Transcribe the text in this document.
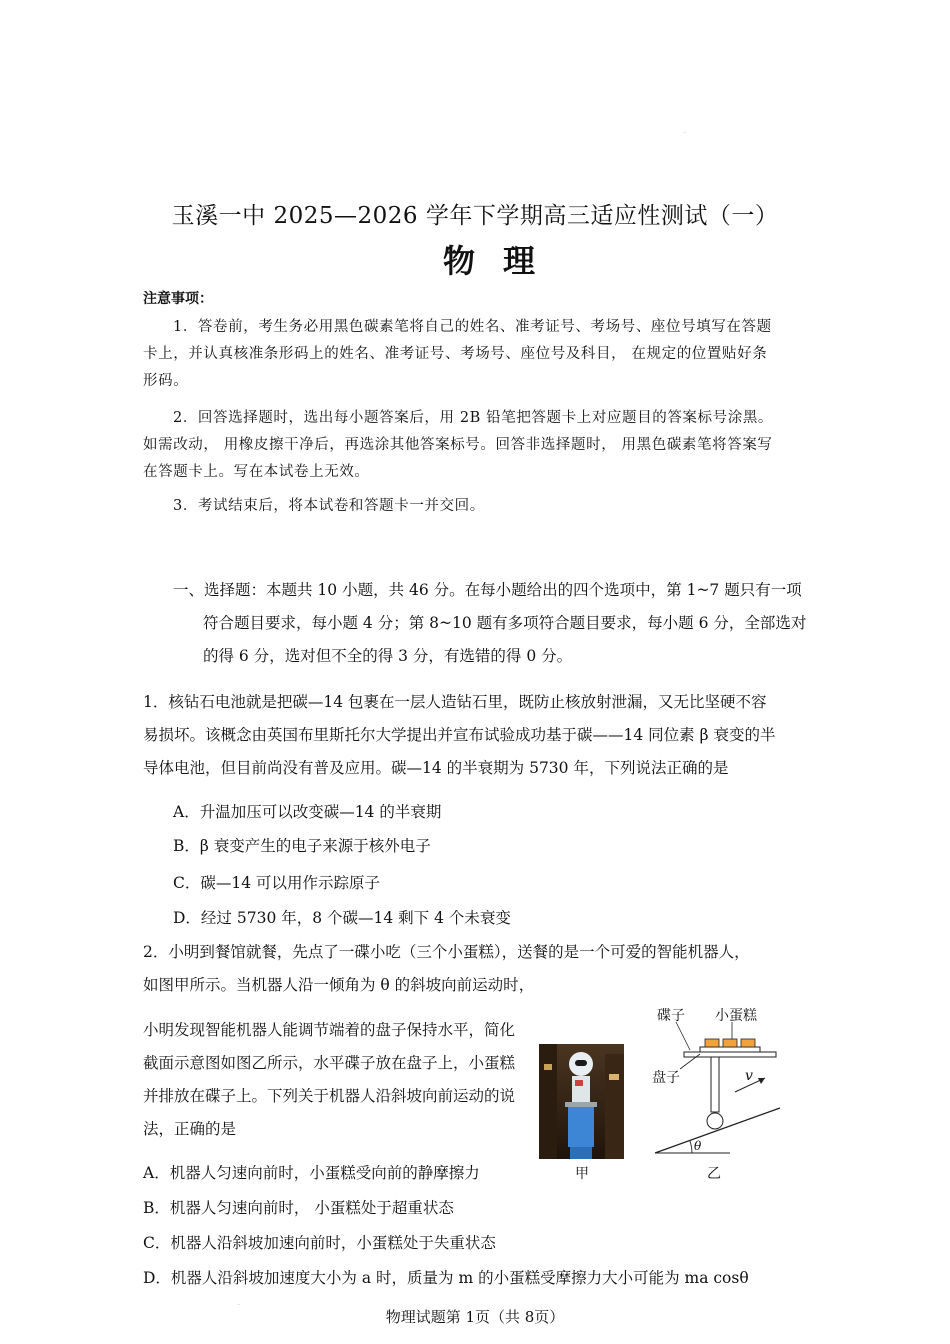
.
玉溪一中 2025—2026 学年下学期高三适应性测试（一）
物理
注意事项：
1．答卷前，考生务必用黑色碳素笔将自己的姓名、准考证号、考场号、座位号填写在答题卡上，并认真核准条形码上的姓名、准考证号、考场号、座位号及科目， 在规定的位置贴好条形码。
2．回答选择题时，选出每小题答案后，用 2B 铅笔把答题卡上对应题目的答案标号涂黑。如需改动， 用橡皮擦干净后，再选涂其他答案标号。回答非选择题时， 用黑色碳素笔将答案写在答题卡上。写在本试卷上无效。
3．考试结束后，将本试卷和答题卡一并交回。
一、选择题：本题共 10 小题，共 46 分。在每小题给出的四个选项中，第 1~7 题只有一项符合题目要求，每小题 4 分；第 8~10 题有多项符合题目要求，每小题 6 分，全部选对的得 6 分，选对但不全的得 3 分，有选错的得 0 分。
1．核钻石电池就是把碳—14 包裹在一层人造钻石里，既防止核放射泄漏，又无比坚硬不容易损坏。该概念由英国布里斯托尔大学提出并宣布试验成功基于碳——14 同位素 β 衰变的半导体电池，但目前尚没有普及应用。碳—14 的半衰期为 5730 年，下列说法正确的是
A．升温加压可以改变碳—14 的半衰期
B．β 衰变产生的电子来源于核外电子
C．碳—14 可以用作示踪原子
D．经过 5730 年，8 个碳—14 剩下 4 个未衰变
2．小明到餐馆就餐，先点了一碟小吃（三个小蛋糕），送餐的是一个可爱的智能机器人，如图甲所示。当机器人沿一倾角为 θ 的斜坡向前运动时，
小明发现智能机器人能调节端着的盘子保持水平，简化截面示意图如图乙所示，水平碟子放在盘子上，小蛋糕并排放在碟子上。下列关于机器人沿斜坡向前运动的说法，正确的是
甲
碟子 小蛋糕
盘子	v
θ
乙
A．机器人匀速向前时，小蛋糕受向前的静摩擦力
B．机器人匀速向前时， 小蛋糕处于超重状态
C．机器人沿斜坡加速向前时，小蛋糕处于失重状态
D．机器人沿斜坡加速度大小为 a 时，质量为 m 的小蛋糕受摩擦力大小可能为 ma cosθ
.
物理试题第 1页（共 8页）
